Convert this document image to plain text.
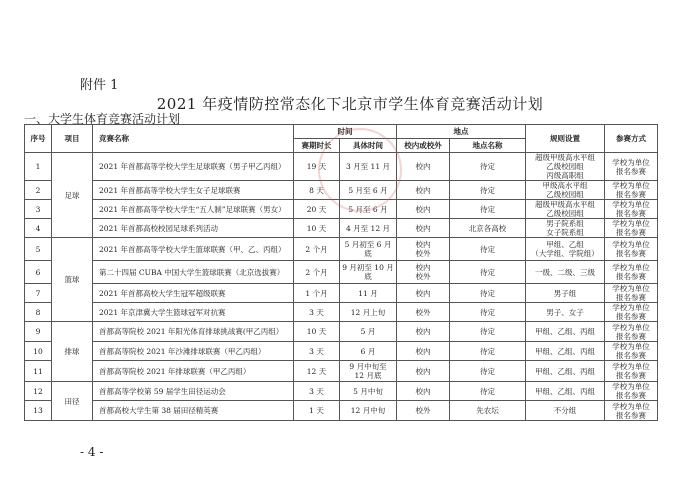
附件 1
2021 年疫情防控常态化下北京市学生体育竞赛活动计划
一、大学生体育竞赛活动计划
序号	项目	竞赛名称	时间		地点		规则设置	参赛方式
			赛期时长	具体时间	校内或校外	地点名称		
1	足球	2021 年首都高等学校大学生足球联赛（男子甲乙丙组）	19 天	3 月至 11 月	校内	待定	超级甲级高水平组
乙级校园组
丙级高职组	学校为单位
报名参赛
2		2021 年首都高等学校大学生女子足球联赛	8 天	5 月至 6 月	校内	待定	甲级高水平组
乙级校园组	学校为单位
报名参赛
3		2021 年首都高等学校大学生“五人制”足球联赛（男女）	20 天	5 月至 6 月	校内	待定	超级甲级高水平组
乙级校园组	学校为单位
报名参赛
4		2021 年首都高校校园足球系列活动	10 天	4 月至 12 月	校内	北京各高校	男子院系组
女子院系组	学校为单位
报名参赛
5	篮球	2021 年首都高等学校大学生篮球联赛（甲、乙、丙组）	2 个月	5 月初至 6 月
底	校内
校外	待定	甲组、乙组
（大学组、学院组）	学校为单位
报名参赛
6		第二十四届 CUBA 中国大学生篮球联赛（北京选拔赛）	2 个月	9 月初至 10 月
底	校内
校外	待定	一级、二级、三级	学校为单位
报名参赛
7		2021 年首都高校大学生冠军超级联赛	1 个月	11 月	校内	待定	男子组	学校为单位
报名参赛
8		2021 年京津冀大学生篮球冠军对抗赛	3 天	12 月上旬	校外	待定	男子、女子	学校为单位
报名参赛
9	排球	首都高等院校 2021 年阳光体育排球挑战赛(甲乙丙组）	10 天	5 月	校内	待定	甲组、乙组、丙组	学校为单位
报名参赛
10		首都高等院校 2021 年沙滩排球联赛（甲乙丙组）	3 天	6 月	校内	待定	甲组、乙组、丙组	学校为单位
报名参赛
11		首都高等院校 2021 年排球联赛（甲乙丙组）	12 天	9 月中旬至
12 月底	校内	待定	甲组、乙组、丙组	学校为单位
报名参赛
12	田径	首都高等学校第 59 届学生田径运动会	3 天	5 月中旬	校内	待定	甲组、乙组、丙组	学校为单位
报名参赛
13		首都高校大学生第 38 届田径精英赛	1 天	12 月中旬	校外	先农坛	不分组	学校为单位
报名参赛
- 4 -
